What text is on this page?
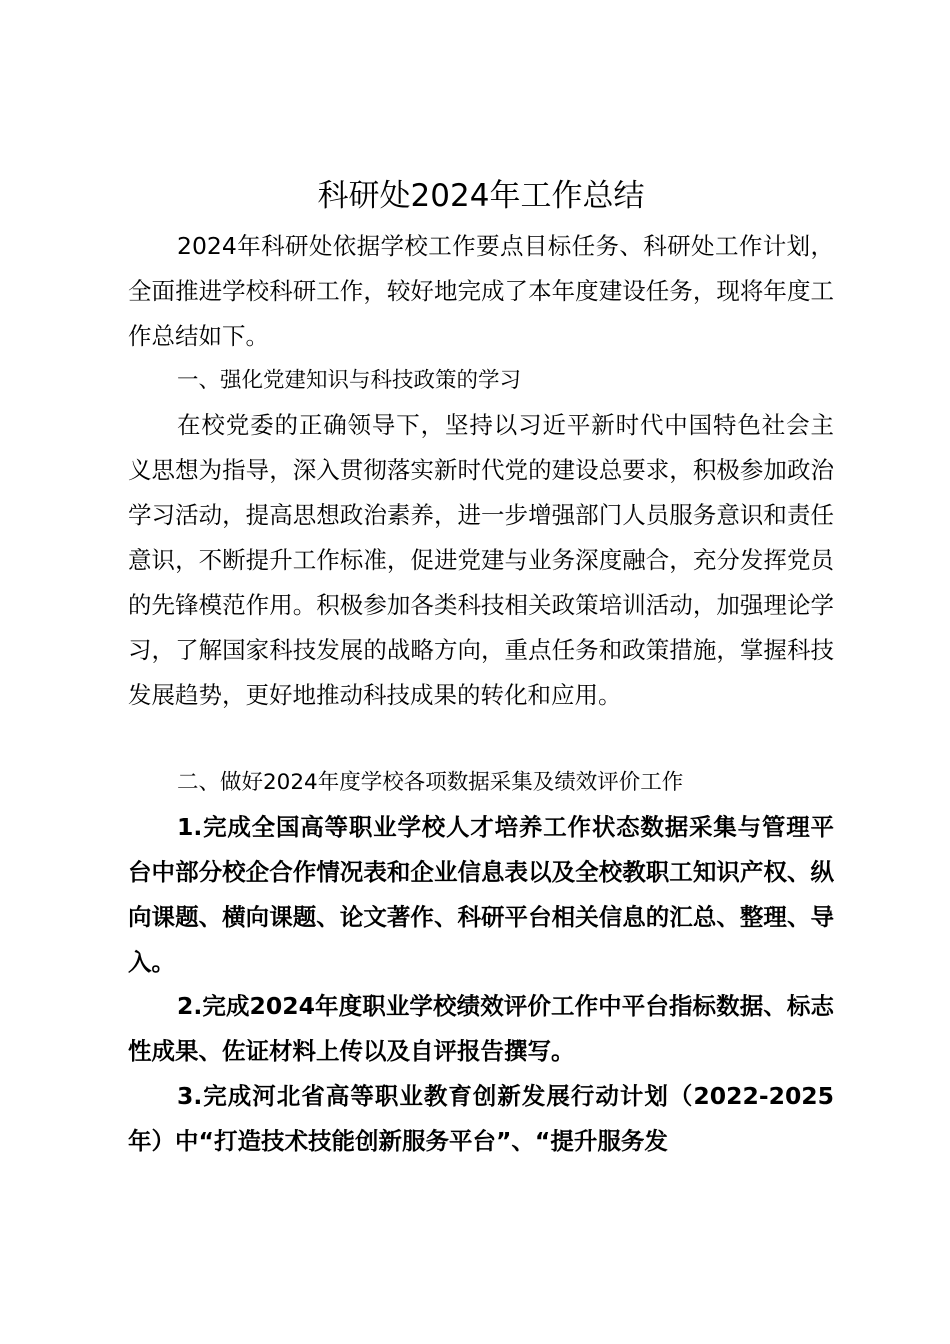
科研处2024年工作总结

2024年科研处依据学校工作要点目标任务、科研处工作计划，全面推进学校科研工作，较好地完成了本年度建设任务，现将年度工作总结如下。

一、强化党建知识与科技政策的学习

在校党委的正确领导下，坚持以习近平新时代中国特色社会主义思想为指导，深入贯彻落实新时代党的建设总要求，积极参加政治学习活动，提高思想政治素养，进一步增强部门人员服务意识和责任意识，不断提升工作标准，促进党建与业务深度融合，充分发挥党员的先锋模范作用。积极参加各类科技相关政策培训活动，加强理论学习，了解国家科技发展的战略方向，重点任务和政策措施，掌握科技发展趋势，更好地推动科技成果的转化和应用。

二、做好2024年度学校各项数据采集及绩效评价工作

1.完成全国高等职业学校人才培养工作状态数据采集与管理平台中部分校企合作情况表和企业信息表以及全校教职工知识产权、纵向课题、横向课题、论文著作、科研平台相关信息的汇总、整理、导入。

2.完成2024年度职业学校绩效评价工作中平台指标数据、标志性成果、佐证材料上传以及自评报告撰写。

3.完成河北省高等职业教育创新发展行动计划（2022-2025年）中“打造技术技能创新服务平台”、“提升服务发
